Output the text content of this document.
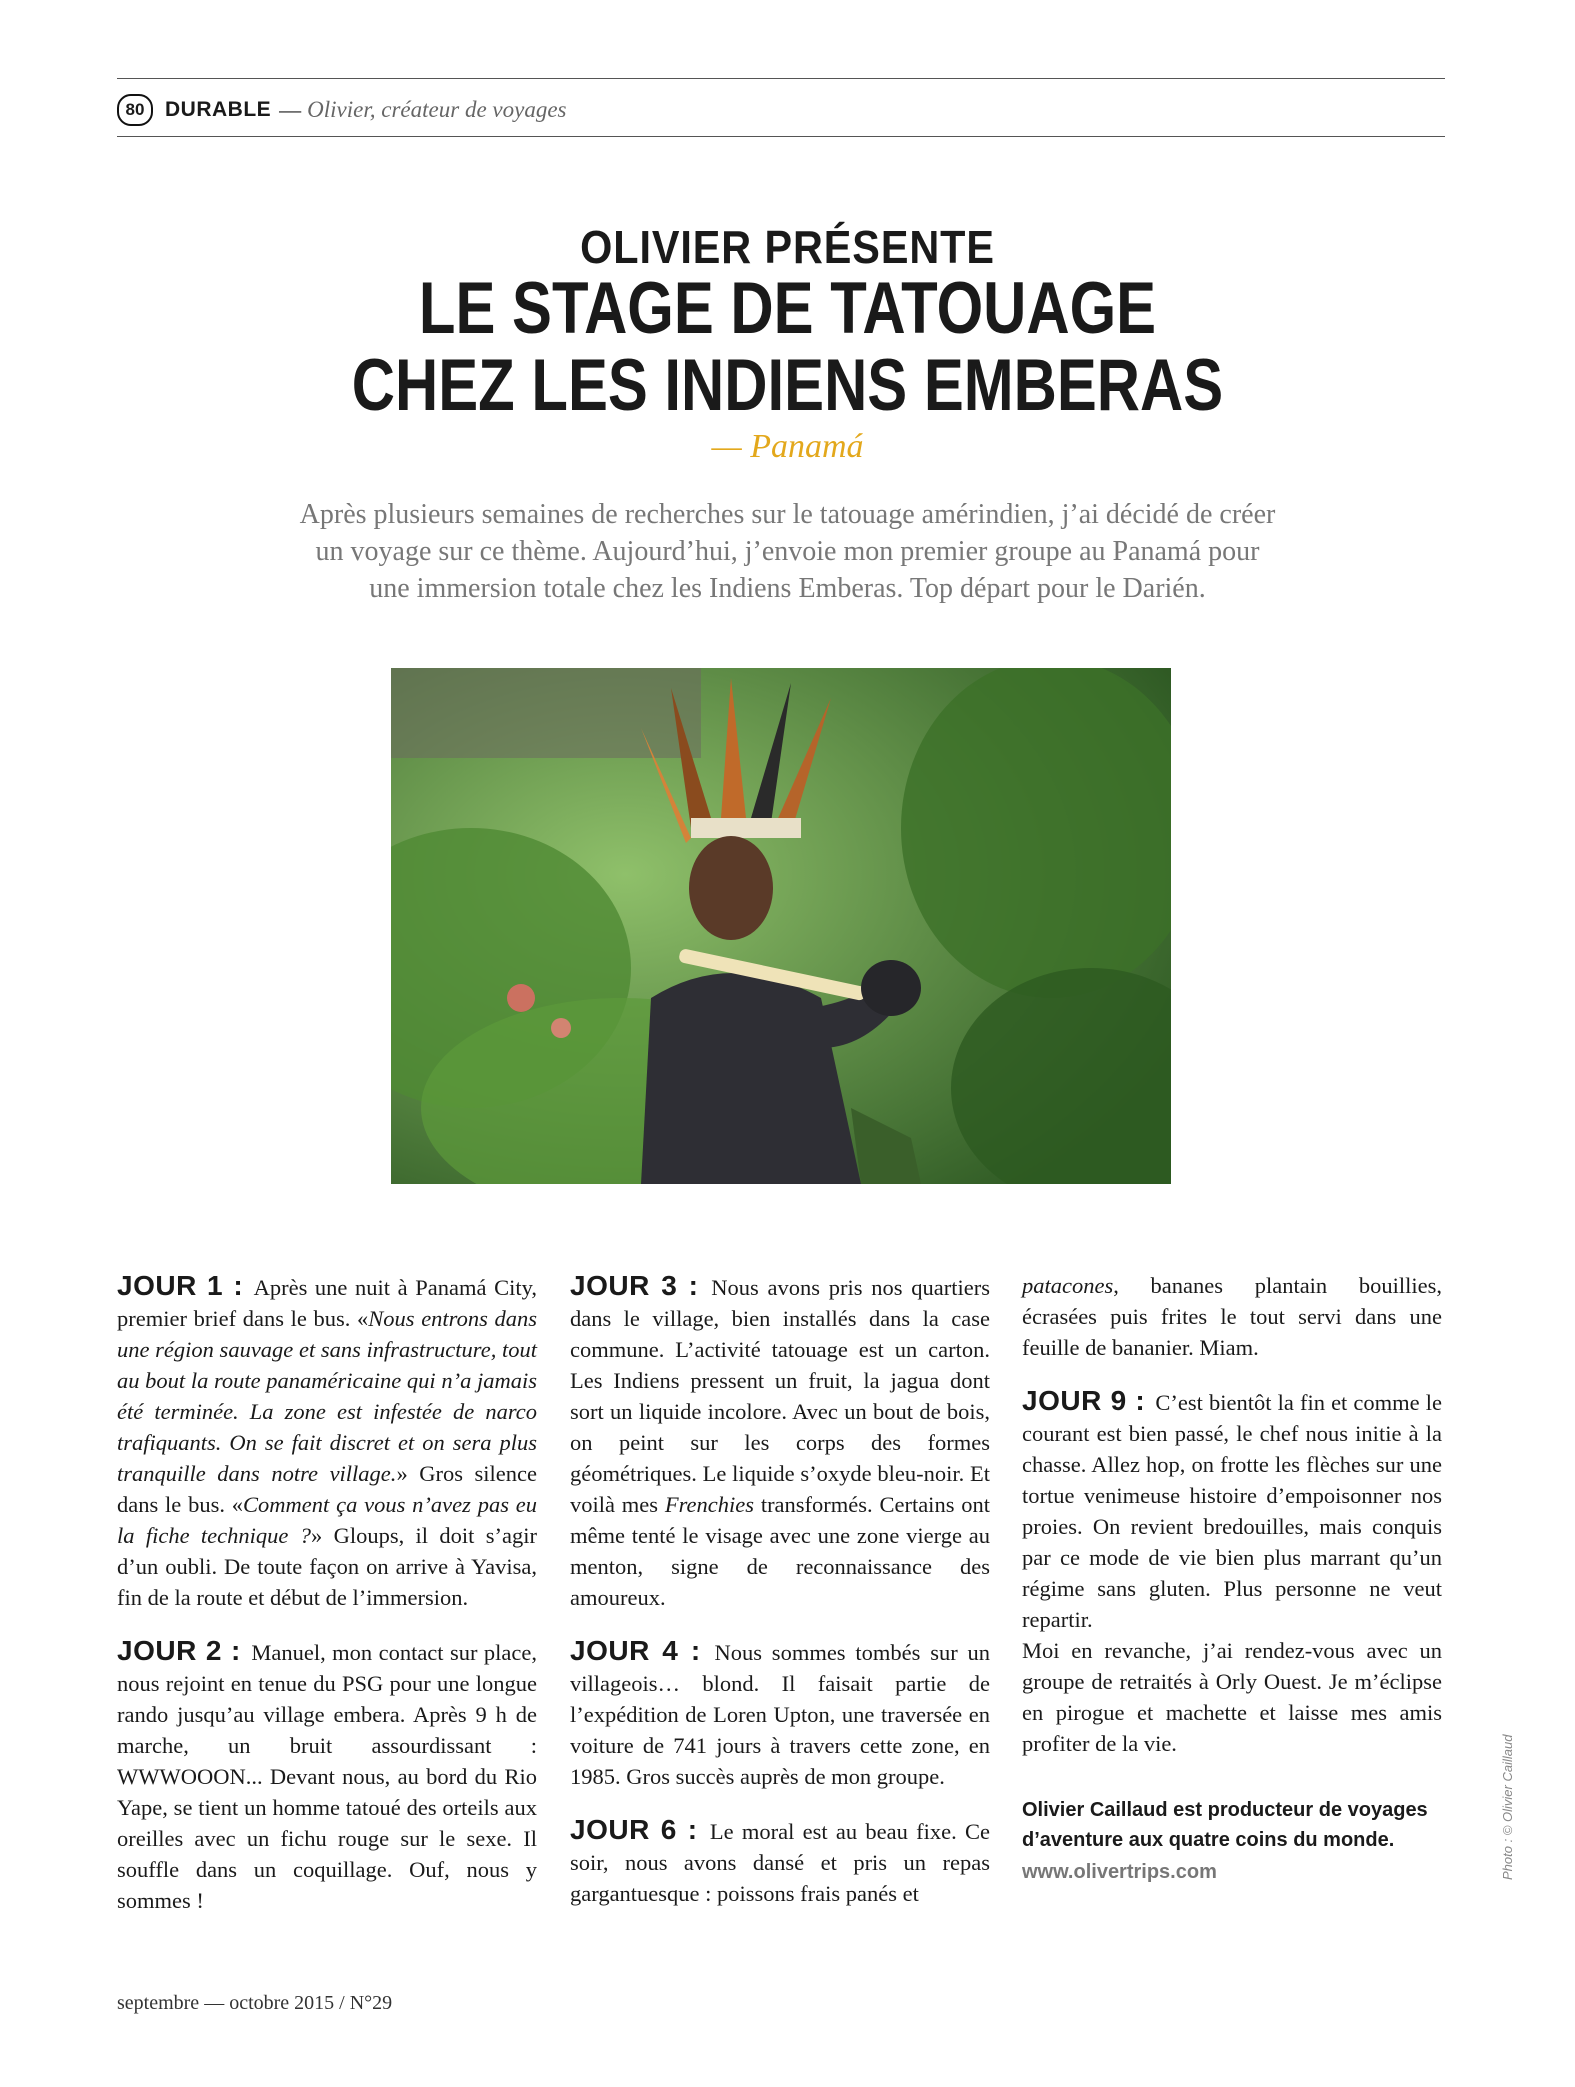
80 DURABLE — Olivier, créateur de voyages
OLIVIER PRÉSENTE
LE STAGE DE TATOUAGE
CHEZ LES INDIENS EMBERAS
— Panamá
Après plusieurs semaines de recherches sur le tatouage amérindien, j’ai décidé de créer
un voyage sur ce thème. Aujourd’hui, j’envoie mon premier groupe au Panamá pour
une immersion totale chez les Indiens Emberas. Top départ pour le Darién.

JOUR 1 : Après une nuit à Panamá City, premier brief dans le bus. «Nous entrons dans une région sauvage et sans infrastructure, tout au bout la route panaméricaine qui n’a jamais été terminée. La zone est infestée de narco trafiquants. On se fait discret et on sera plus tranquille dans notre village.» Gros silence dans le bus. «Comment ça vous n’avez pas eu la fiche technique ?» Gloups, il doit s’agir d’un oubli. De toute façon on arrive à Yavisa, fin de la route et début de l’immersion.

JOUR 2 : Manuel, mon contact sur place, nous rejoint en tenue du PSG pour une longue rando jusqu’au village embera. Après 9 h de marche, un bruit assourdissant : WWWOOON... Devant nous, au bord du Rio Yape, se tient un homme tatoué des orteils aux oreilles avec un fichu rouge sur le sexe. Il souffle dans un coquillage. Ouf, nous y sommes !

JOUR 3 : Nous avons pris nos quartiers dans le village, bien installés dans la case commune. L’activité tatouage est un carton. Les Indiens pressent un fruit, la jagua dont sort un liquide incolore. Avec un bout de bois, on peint sur les corps des formes géométriques. Le liquide s’oxyde bleu-noir. Et voilà mes Frenchies transformés. Certains ont même tenté le visage avec une zone vierge au menton, signe de reconnaissance des amoureux.

JOUR 4 : Nous sommes tombés sur un villageois… blond. Il faisait partie de l’expédition de Loren Upton, une traversée en voiture de 741 jours à travers cette zone, en 1985. Gros succès auprès de mon groupe.

JOUR 6 : Le moral est au beau fixe. Ce soir, nous avons dansé et pris un repas gargantuesque : poissons frais panés et

patacones, bananes plantain bouillies, écrasées puis frites le tout servi dans une feuille de bananier. Miam.

JOUR 9 : C’est bientôt la fin et comme le courant est bien passé, le chef nous initie à la chasse. Allez hop, on frotte les flèches sur une tortue venimeuse histoire d’empoisonner nos proies. On revient bredouilles, mais conquis par ce mode de vie bien plus marrant qu’un régime sans gluten. Plus personne ne veut repartir.

Moi en revanche, j’ai rendez-vous avec un groupe de retraités à Orly Ouest. Je m’éclipse en pirogue et machette et laisse mes amis profiter de la vie.

Olivier Caillaud est producteur de voyages d’aventure aux quatre coins du monde.
www.olivertrips.com	Photo : © Olivier Caillaud
septembre — octobre 2015 / N°29
